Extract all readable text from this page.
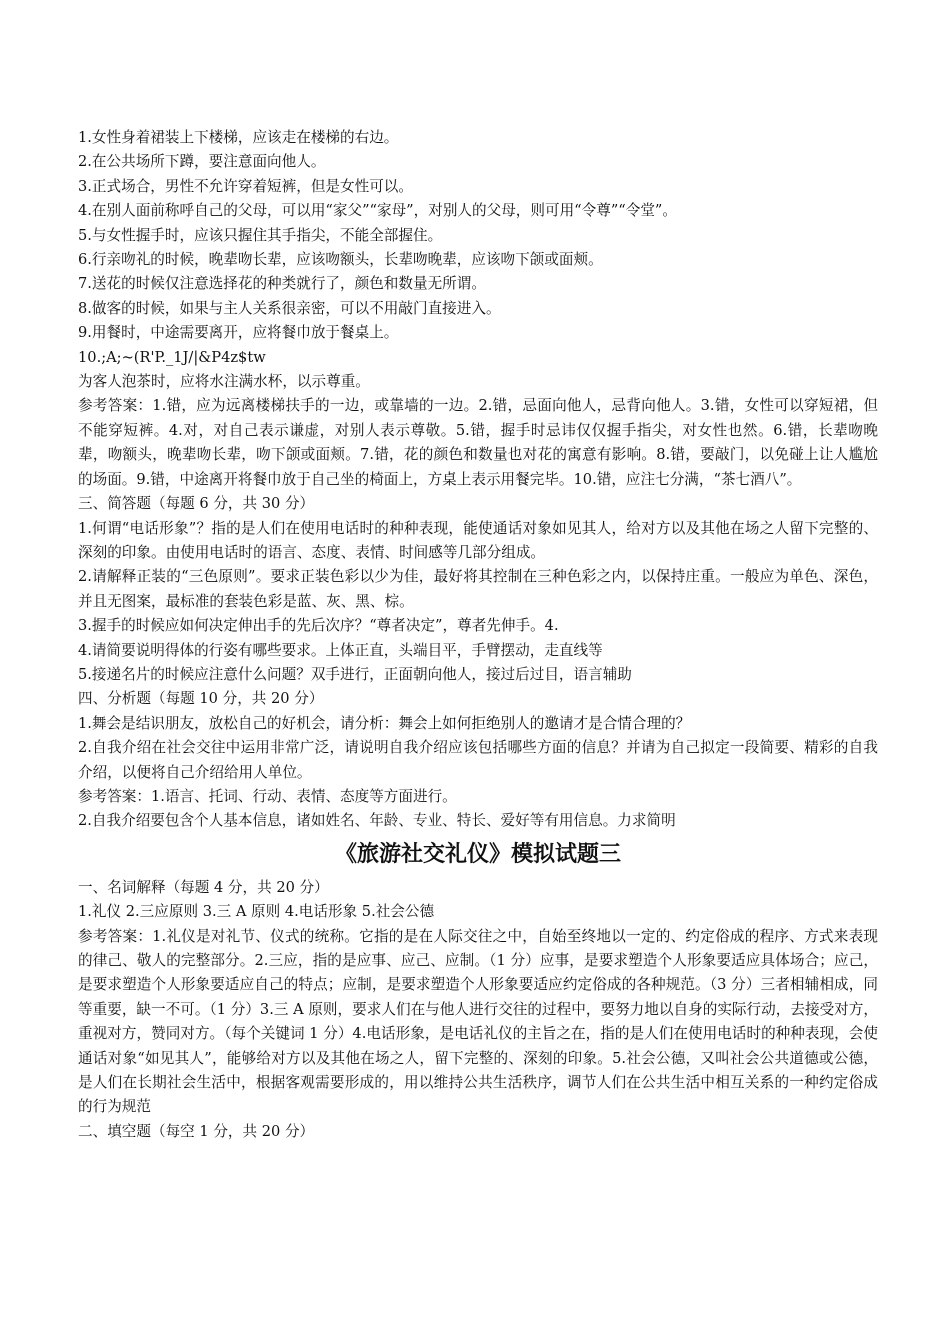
1.女性身着裙装上下楼梯，应该走在楼梯的右边。
2.在公共场所下蹲，要注意面向他人。
3.正式场合，男性不允许穿着短裤，但是女性可以。
4.在别人面前称呼自己的父母，可以用“家父”“家母”，对别人的父母，则可用“令尊”“令堂”。
5.与女性握手时，应该只握住其手指尖，不能全部握住。
6.行亲吻礼的时候，晚辈吻长辈，应该吻额头，长辈吻晚辈，应该吻下颌或面颊。
7.送花的时候仅注意选择花的种类就行了，颜色和数量无所谓。
8.做客的时候，如果与主人关系很亲密，可以不用敲门直接进入。
9.用餐时，中途需要离开，应将餐巾放于餐桌上。
10.;A;~(R'P._1J/|&P4z$tw
为客人泡茶时，应将水注满水杯，以示尊重。
参考答案：1.错，应为远离楼梯扶手的一边，或靠墙的一边。2.错，忌面向他人，忌背向他人。3.错，女性可以穿短裙，但不能穿短裤。4.对，对自己表示谦虚，对别人表示尊敬。5.错，握手时忌讳仅仅握手指尖，对女性也然。6.错，长辈吻晚辈，吻额头，晚辈吻长辈，吻下颌或面颊。7.错，花的颜色和数量也对花的寓意有影响。8.错，要敲门，以免碰上让人尴尬的场面。9.错，中途离开将餐巾放于自己坐的椅面上，方桌上表示用餐完毕。10.错，应注七分满，“茶七酒八”。
三、简答题（每题 6 分，共 30 分）
1.何谓“电话形象”？指的是人们在使用电话时的种种表现，能使通话对象如见其人，给对方以及其他在场之人留下完整的、深刻的印象。由使用电话时的语言、态度、表情、时间感等几部分组成。
2.请解释正装的“三色原则”。要求正装色彩以少为佳，最好将其控制在三种色彩之内，以保持庄重。一般应为单色、深色，并且无图案，最标准的套装色彩是蓝、灰、黑、棕。
3.握手的时候应如何决定伸出手的先后次序？“尊者决定”，尊者先伸手。4.
4.请简要说明得体的行姿有哪些要求。上体正直，头端目平，手臂摆动，走直线等
5.接递名片的时候应注意什么问题？双手进行，正面朝向他人，接过后过目，语言辅助
四、分析题（每题 10 分，共 20 分）
1.舞会是结识朋友，放松自己的好机会，请分析：舞会上如何拒绝别人的邀请才是合情合理的？
2.自我介绍在社会交往中运用非常广泛，请说明自我介绍应该包括哪些方面的信息？并请为自己拟定一段简要、精彩的自我介绍，以便将自己介绍给用人单位。
参考答案：1.语言、托词、行动、表情、态度等方面进行。
2.自我介绍要包含个人基本信息，诸如姓名、年龄、专业、特长、爱好等有用信息。力求简明
《旅游社交礼仪》模拟试题三
一、名词解释（每题 4 分，共 20 分）
1.礼仪 2.三应原则 3.三 A 原则 4.电话形象 5.社会公德
参考答案：1.礼仪是对礼节、仪式的统称。它指的是在人际交往之中，自始至终地以一定的、约定俗成的程序、方式来表现的律己、敬人的完整部分。2.三应，指的是应事、应己、应制。（1 分）应事，是要求塑造个人形象要适应具体场合；应己，是要求塑造个人形象要适应自己的特点；应制，是要求塑造个人形象要适应约定俗成的各种规范。（3 分）三者相辅相成，同等重要，缺一不可。（1 分）3.三 A 原则，要求人们在与他人进行交往的过程中，要努力地以自身的实际行动，去接受对方，重视对方，赞同对方。（每个关键词 1 分）4.电话形象，是电话礼仪的主旨之在，指的是人们在使用电话时的种种表现，会使通话对象“如见其人”，能够给对方以及其他在场之人，留下完整的、深刻的印象。5.社会公德，又叫社会公共道德或公德，是人们在长期社会生活中，根据客观需要形成的，用以维持公共生活秩序，调节人们在公共生活中相互关系的一种约定俗成的行为规范
二、填空题（每空 1 分，共 20 分）
